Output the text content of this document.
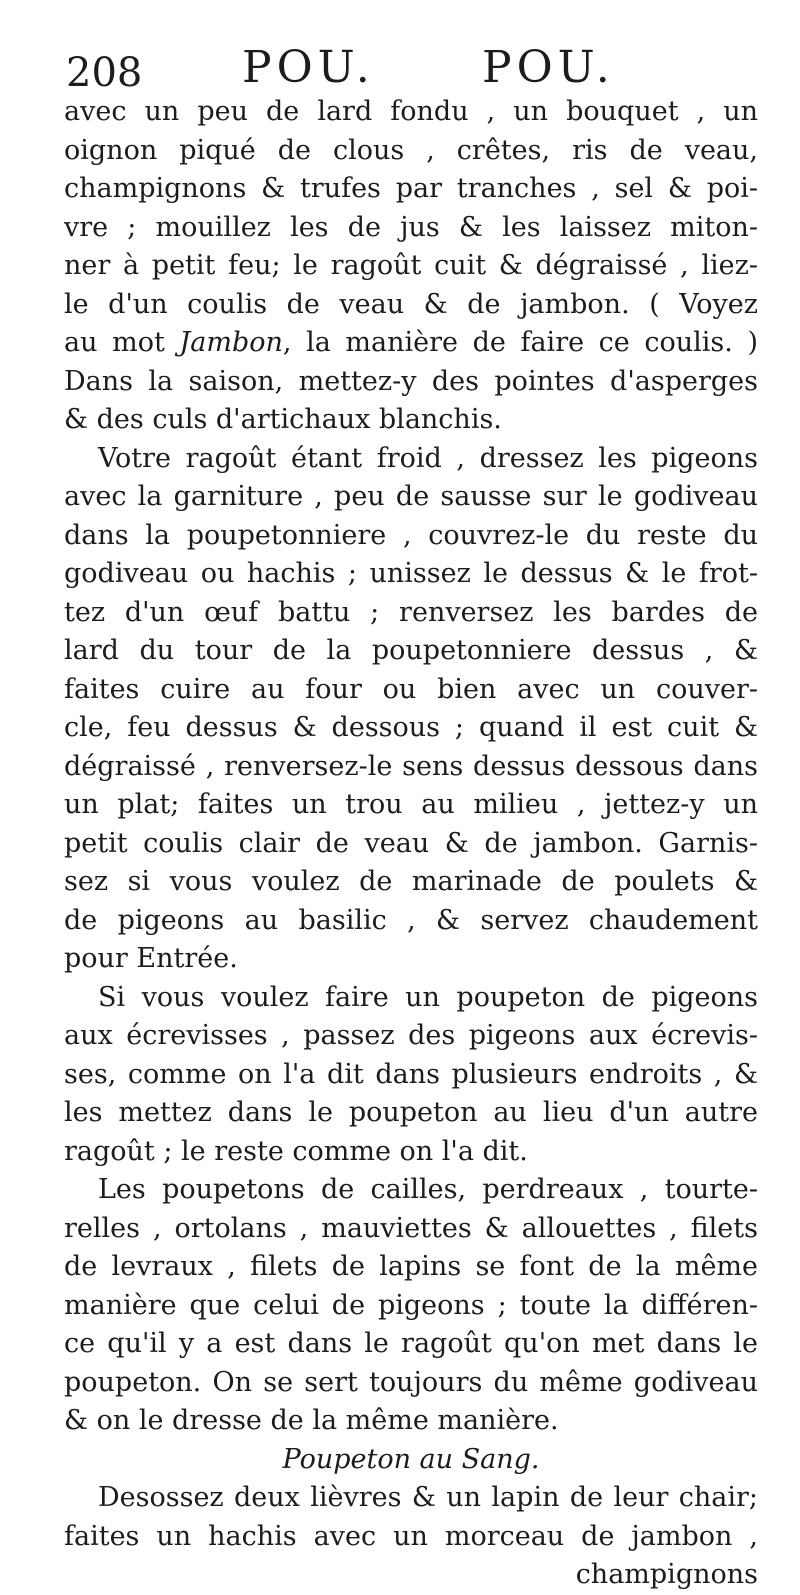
208 POU. POU.
avec un peu de lard fondu , un bouquet , un
oignon piqué de clous , crêtes, ris de veau,
champignons & trufes par tranches , sel & poi-
vre ; mouillez les de jus & les laissez miton-
ner à petit feu; le ragoût cuit & dégraissé , liez-
le d'un coulis de veau & de jambon. ( Voyez
au mot Jambon, la manière de faire ce coulis. )
Dans la saison, mettez-y des pointes d'asperges
& des culs d'artichaux blanchis.
Votre ragoût étant froid , dressez les pigeons
avec la garniture , peu de sausse sur le godiveau
dans la poupetonniere , couvrez-le du reste du
godiveau ou hachis ; unissez le dessus & le frot-
tez d'un œuf battu ; renversez les bardes de
lard du tour de la poupetonniere dessus , &
faites cuire au four ou bien avec un couver-
cle, feu dessus & dessous ; quand il est cuit &
dégraissé , renversez-le sens dessus dessous dans
un plat; faites un trou au milieu , jettez-y un
petit coulis clair de veau & de jambon. Garnis-
sez si vous voulez de marinade de poulets &
de pigeons au basilic , & servez chaudement
pour Entrée.
Si vous voulez faire un poupeton de pigeons
aux écrevisses , passez des pigeons aux écrevis-
ses, comme on l'a dit dans plusieurs endroits , &
les mettez dans le poupeton au lieu d'un autre
ragoût ; le reste comme on l'a dit.
Les poupetons de cailles, perdreaux , tourte-
relles , ortolans , mauviettes & allouettes , filets
de levraux , filets de lapins se font de la même
manière que celui de pigeons ; toute la différen-
ce qu'il y a est dans le ragoût qu'on met dans le
poupeton. On se sert toujours du même godiveau
& on le dresse de la même manière.
Poupeton au Sang.
Desossez deux lièvres & un lapin de leur chair;
faites un hachis avec un morceau de jambon ,
champignons
